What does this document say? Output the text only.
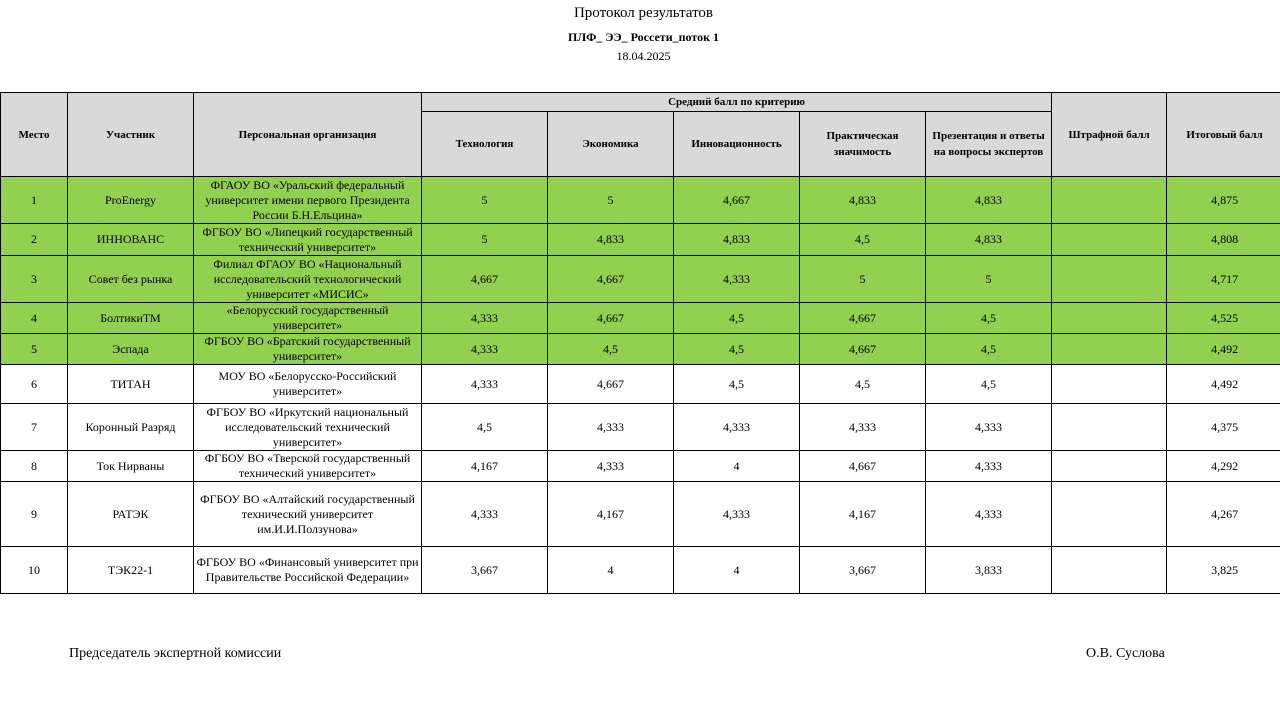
Протокол результатов
ПЛФ_ ЭЭ_ Россети_поток 1
18.04.2025
Место	Участник	Персональная организация	Средний балл по критерию					Штрафной балл		Итоговый балл
			Технология	Экономика	Инновационность	Практическая значимость	Презентация и ответы на вопросы экспертов			
1	ProEnergy	ФГАОУ ВО «Уральский федеральный университет имени первого Президента России Б.Н.Ельцина»	5	5	4,667	4,833	4,833			4,875
2	ИННОВАНС	ФГБОУ ВО «Липецкий государственный технический университет»	5	4,833	4,833	4,5	4,833			4,808
3	Совет без рынка	Филиал ФГАОУ ВО «Национальный исследовательский технологический университет «МИСИС»	4,667	4,667	4,333	5	5			4,717
4	БолтикиТМ	«Белорусский государственный университет»	4,333	4,667	4,5	4,667	4,5			4,525
5	Эспада	ФГБОУ ВО «Братский государственный университет»	4,333	4,5	4,5	4,667	4,5			4,492
6	ТИТАН	МОУ ВО «Белорусско-Российский университет»	4,333	4,667	4,5	4,5	4,5			4,492
7	Коронный Разряд	ФГБОУ ВО «Иркутский национальный исследовательский технический университет»	4,5	4,333	4,333	4,333	4,333			4,375
8	Ток Нирваны	ФГБОУ ВО «Тверской государственный технический университет»	4,167	4,333	4	4,667	4,333			4,292
9	РАТЭК	ФГБОУ ВО «Алтайский государственный технический университет им.И.И.Ползунова»	4,333	4,167	4,333	4,167	4,333			4,267
10	ТЭК22-1	ФГБОУ ВО «Финансовый университет при Правительстве Российской Федерации»	3,667	4	4	3,667	3,833			3,825
Председатель экспертной комиссии	О.В. Суслова
